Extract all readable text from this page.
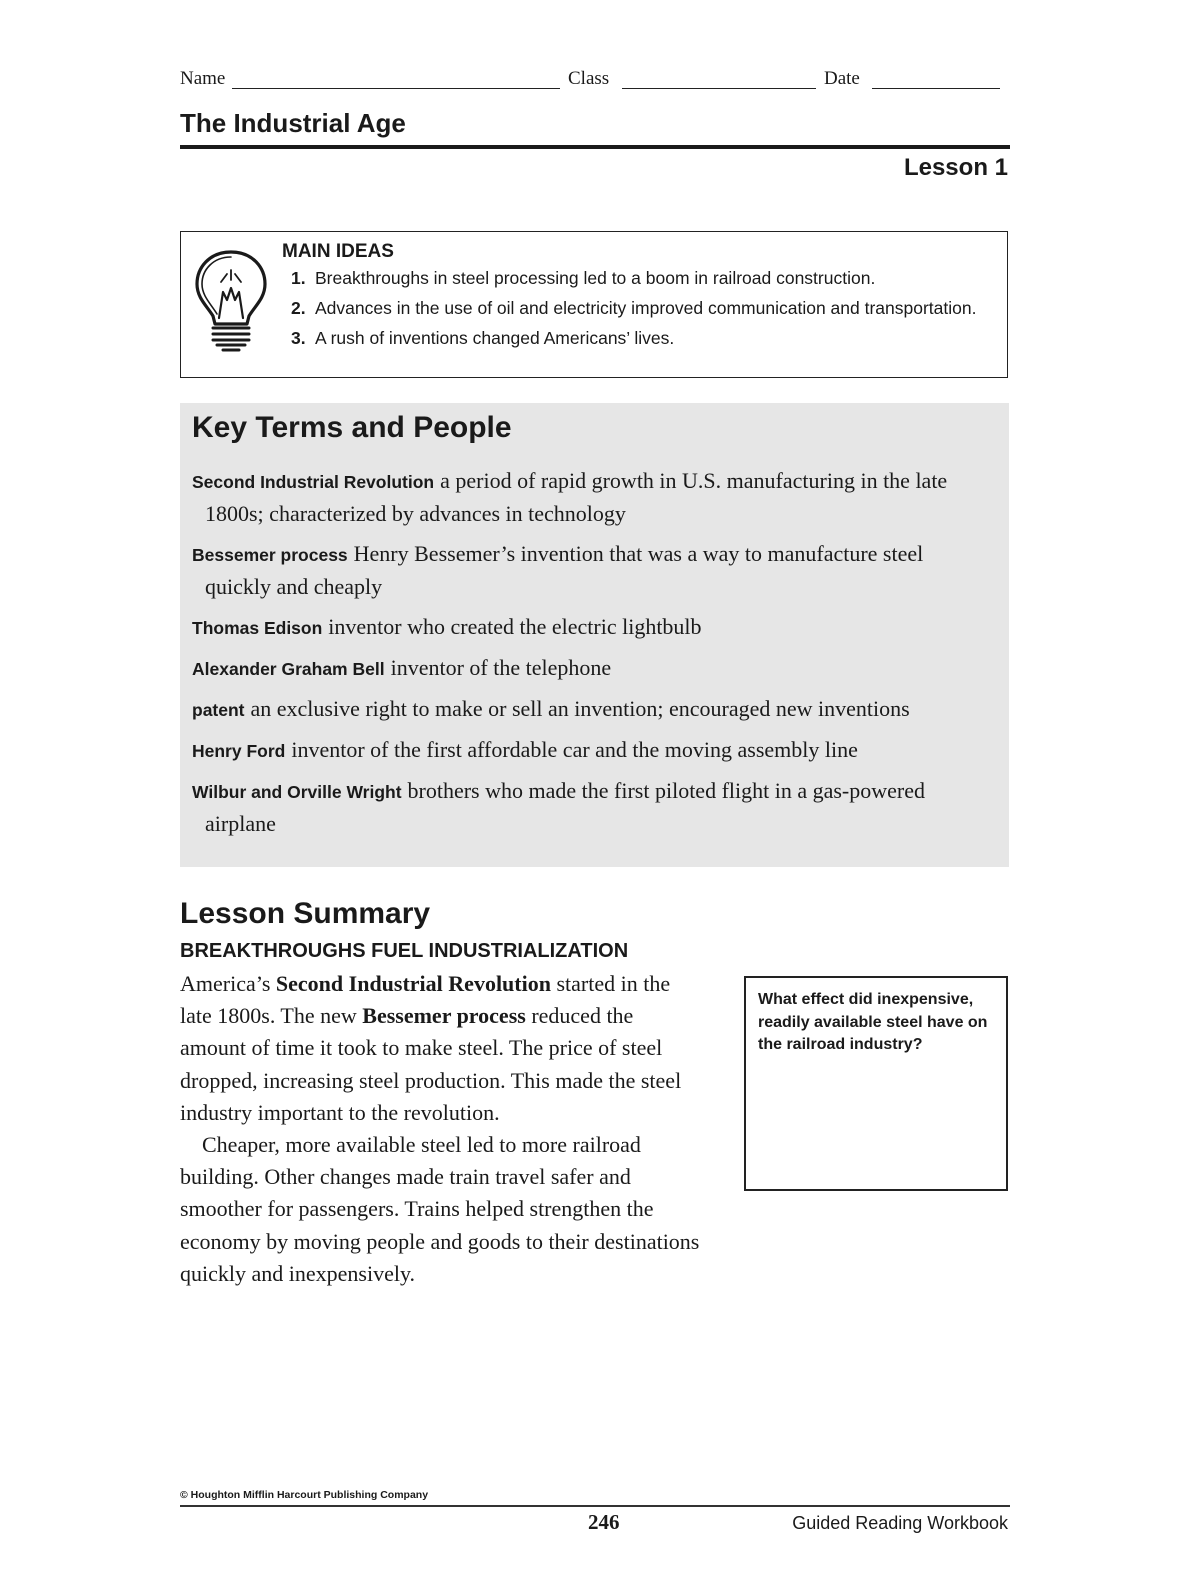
Name	Class	Date
The Industrial Age
Lesson 1
MAIN IDEAS
1. Breakthroughs in steel processing led to a boom in railroad construction.
2. Advances in the use of oil and electricity improved communication and transportation.
3. A rush of inventions changed Americans’ lives.
Key Terms and People
Second Industrial Revolution a period of rapid growth in U.S. manufacturing in the late 1800s; characterized by advances in technology
Bessemer process Henry Bessemer’s invention that was a way to manufacture steel quickly and cheaply
Thomas Edison inventor who created the electric lightbulb
Alexander Graham Bell inventor of the telephone
patent an exclusive right to make or sell an invention; encouraged new inventions
Henry Ford inventor of the first affordable car and the moving assembly line
Wilbur and Orville Wright brothers who made the first piloted flight in a gas-powered airplane
Lesson Summary
BREAKTHROUGHS FUEL INDUSTRIALIZATION

America’s Second Industrial Revolution started in the late 1800s. The new Bessemer process reduced the amount of time it took to make steel. The price of steel dropped, increasing steel production. This made the steel industry important to the revolution.

Cheaper, more available steel led to more railroad building. Other changes made train travel safer and smoother for passengers. Trains helped strengthen the economy by moving people and goods to their destinations quickly and inexpensively.

What effect did inexpensive, readily available steel have on the railroad industry?
© Houghton Mifflin Harcourt Publishing Company
246	Guided Reading Workbook
